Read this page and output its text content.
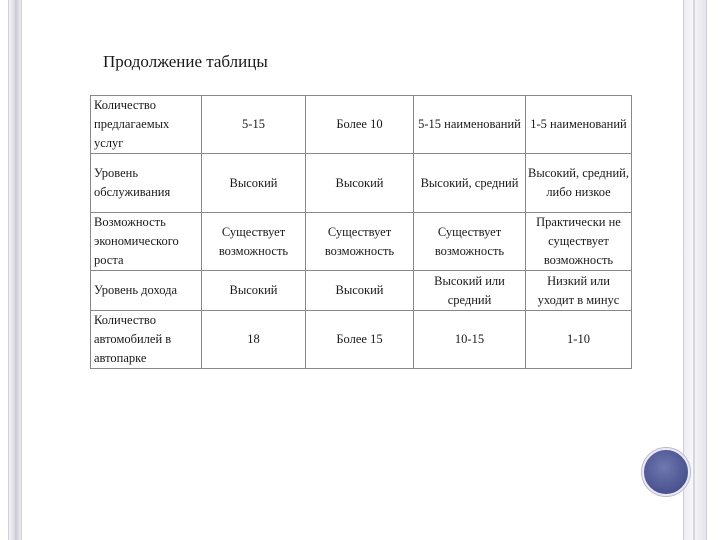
Продолжение таблицы
Количество предлагаемых услуг	5-15	Более 10	5-15 наименований	1-5 наименований
Уровень обслуживания	Высокий	Высокий	Высокий, средний	Высокий, средний, либо низкое
Возможность экономического роста	Существует возможность	Существует возможность	Существует возможность	Практически не существует возможность
Уровень дохода	Высокий	Высокий	Высокий или средний	Низкий или уходит в минус
Количество автомобилей в автопарке	18	Более 15	10-15	1-10
